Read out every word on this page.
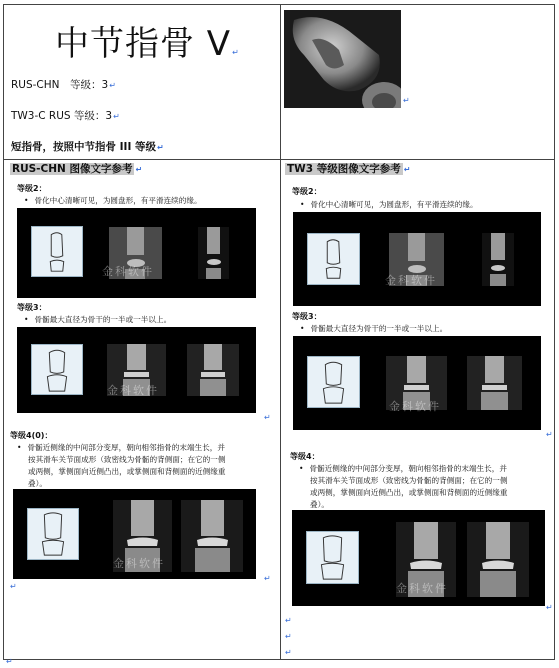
中节指骨 V↵
RUS-CHN　等级：3↵
TW3-C RUS 等级：3↵
短指骨，按照中节指骨 III 等级↵
↵
RUS-CHN 图像文字参考 ↵
等级2：
• 骨化中心清晰可见，为圆盘形，有平滑连续的缘。
金科软件
等级3：
• 骨骺最大直径为骨干的一半或一半以上。
金科软件
↵
等级4(0)：
• 骨骺近侧缘的中间部分变厚，朝向相邻指骨的末端生长，并
按其滑车关节面成形（致密线为骨骺的背侧面；在它的一侧
或两侧，掌侧面向近侧凸出，或掌侧面和背侧面的近侧缘重
叠）。
金科软件
↵
↵
TW3 等级图像文字参考 ↵
等级2：
• 骨化中心清晰可见，为圆盘形，有平滑连续的缘。
金科软件
等级3：
• 骨骺最大直径为骨干的一半或一半以上。
金科软件
↵
等级4：
• 骨骺近侧缘的中间部分变厚，朝向相邻指骨的末端生长，并
按其滑车关节面成形（致密线为骨骺的背侧面；在它的一侧
或两侧，掌侧面向近侧凸出，或掌侧面和背侧面的近侧缘重
叠）。
金科软件
↵
↵
↵
↵
↵
